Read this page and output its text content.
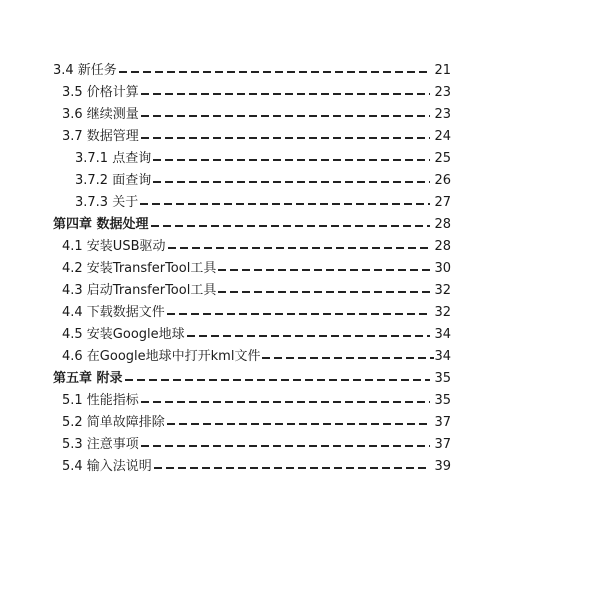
3.4 新任务	21
3.5 价格计算	23
3.6 继续测量	23
3.7 数据管理	24
3.7.1 点查询	25
3.7.2 面查询	26
3.7.3 关于	27
第四章 数据处理	28
4.1 安装USB驱动	28
4.2 安装TransferTool工具	30
4.3 启动TransferTool工具	32
4.4 下载数据文件	32
4.5 安装Google地球	34
4.6 在Google地球中打开kml文件	34
第五章 附录	35
5.1 性能指标	35
5.2 简单故障排除	37
5.3 注意事项	37
5.4 输入法说明	39
